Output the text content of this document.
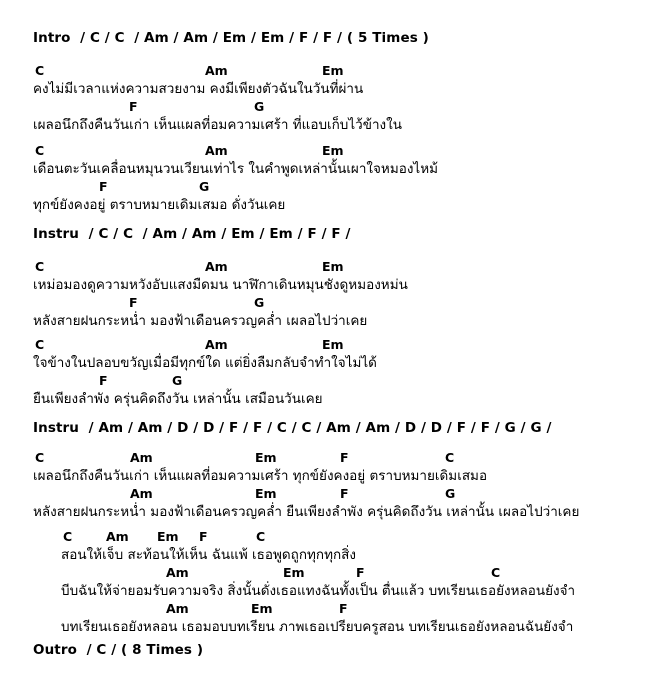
Intro / C / C  / Am / Am / Em / Em / F / F / ( 5 Times )
C	Am	Em
คงไม่มีเวลาแห่งความสวยงาม คงมีเพียงตัวฉันในวันที่ผ่าน
F	G
เผลอนึกถึงคืนวันเก่า เห็นแผลที่อมความเศร้า ที่แอบเก็บไว้ข้างใน
C	Am	Em
เดือนตะวันเคลื่อนหมุนวนเวียนเท่าไร ในคำพูดเหล่านั้นเผาใจหมองไหม้
F	G
ทุกข์ยังคงอยู่ ตราบหมายเดิมเสมอ ดั่งวันเคย
Instru / C / C  / Am / Am / Em / Em / F / F /
C	Am	Em
เหม่อมองดูความหวังอับแสงมืดมน นาฬิกาเดินหมุนชังดูหมองหม่น
F	G
หลังสายฝนกระหน่ำ มองฟ้าเดือนครวญคล่ำ เผลอไปว่าเคย
C	Am	Em
ใจข้างในปลอบขวัญเมื่อมีทุกข์ใด แต่ยิ่งลืมกลับจำทำใจไม่ได้
F	G
ยืนเพียงลำพัง ครุ่นคิดถึงวัน เหล่านั้น เสมือนวันเคย
Instru / Am / Am / D / D / F / F / C / C / Am / Am / D / D / F / F / G / G /
C	Am	Em	F	C
เผลอนึกถึงคืนวันเก่า เห็นแผลที่อมความเศร้า ทุกข์ยังคงอยู่ ตราบหมายเดิมเสมอ
Am	Em	F	G
หลังสายฝนกระหน่ำ มองฟ้าเดือนครวญคล่ำ ยืนเพียงลำพัง ครุ่นคิดถึงวัน เหล่านั้น เผลอไปว่าเคย
C	Am Em F	C
สอนให้เจ็บ สะท้อนให้เห็น ฉันแพ้ เธอพูดถูกทุกทุกสิ่ง
Am	Em	F	C
บีบฉันให้จ่ายอมรับความจริง สิ่งนั้นดั่งเธอแทงฉันทั้งเป็น ตื่นแล้ว บทเรียนเธอยังหลอนยังจำ
Am	Em	F
บทเรียนเธอยังหลอน เธอมอบบทเรียน ภาพเธอเปรียบครูสอน บทเรียนเธอยังหลอนฉันยังจำ
Outro / C / ( 8 Times )
